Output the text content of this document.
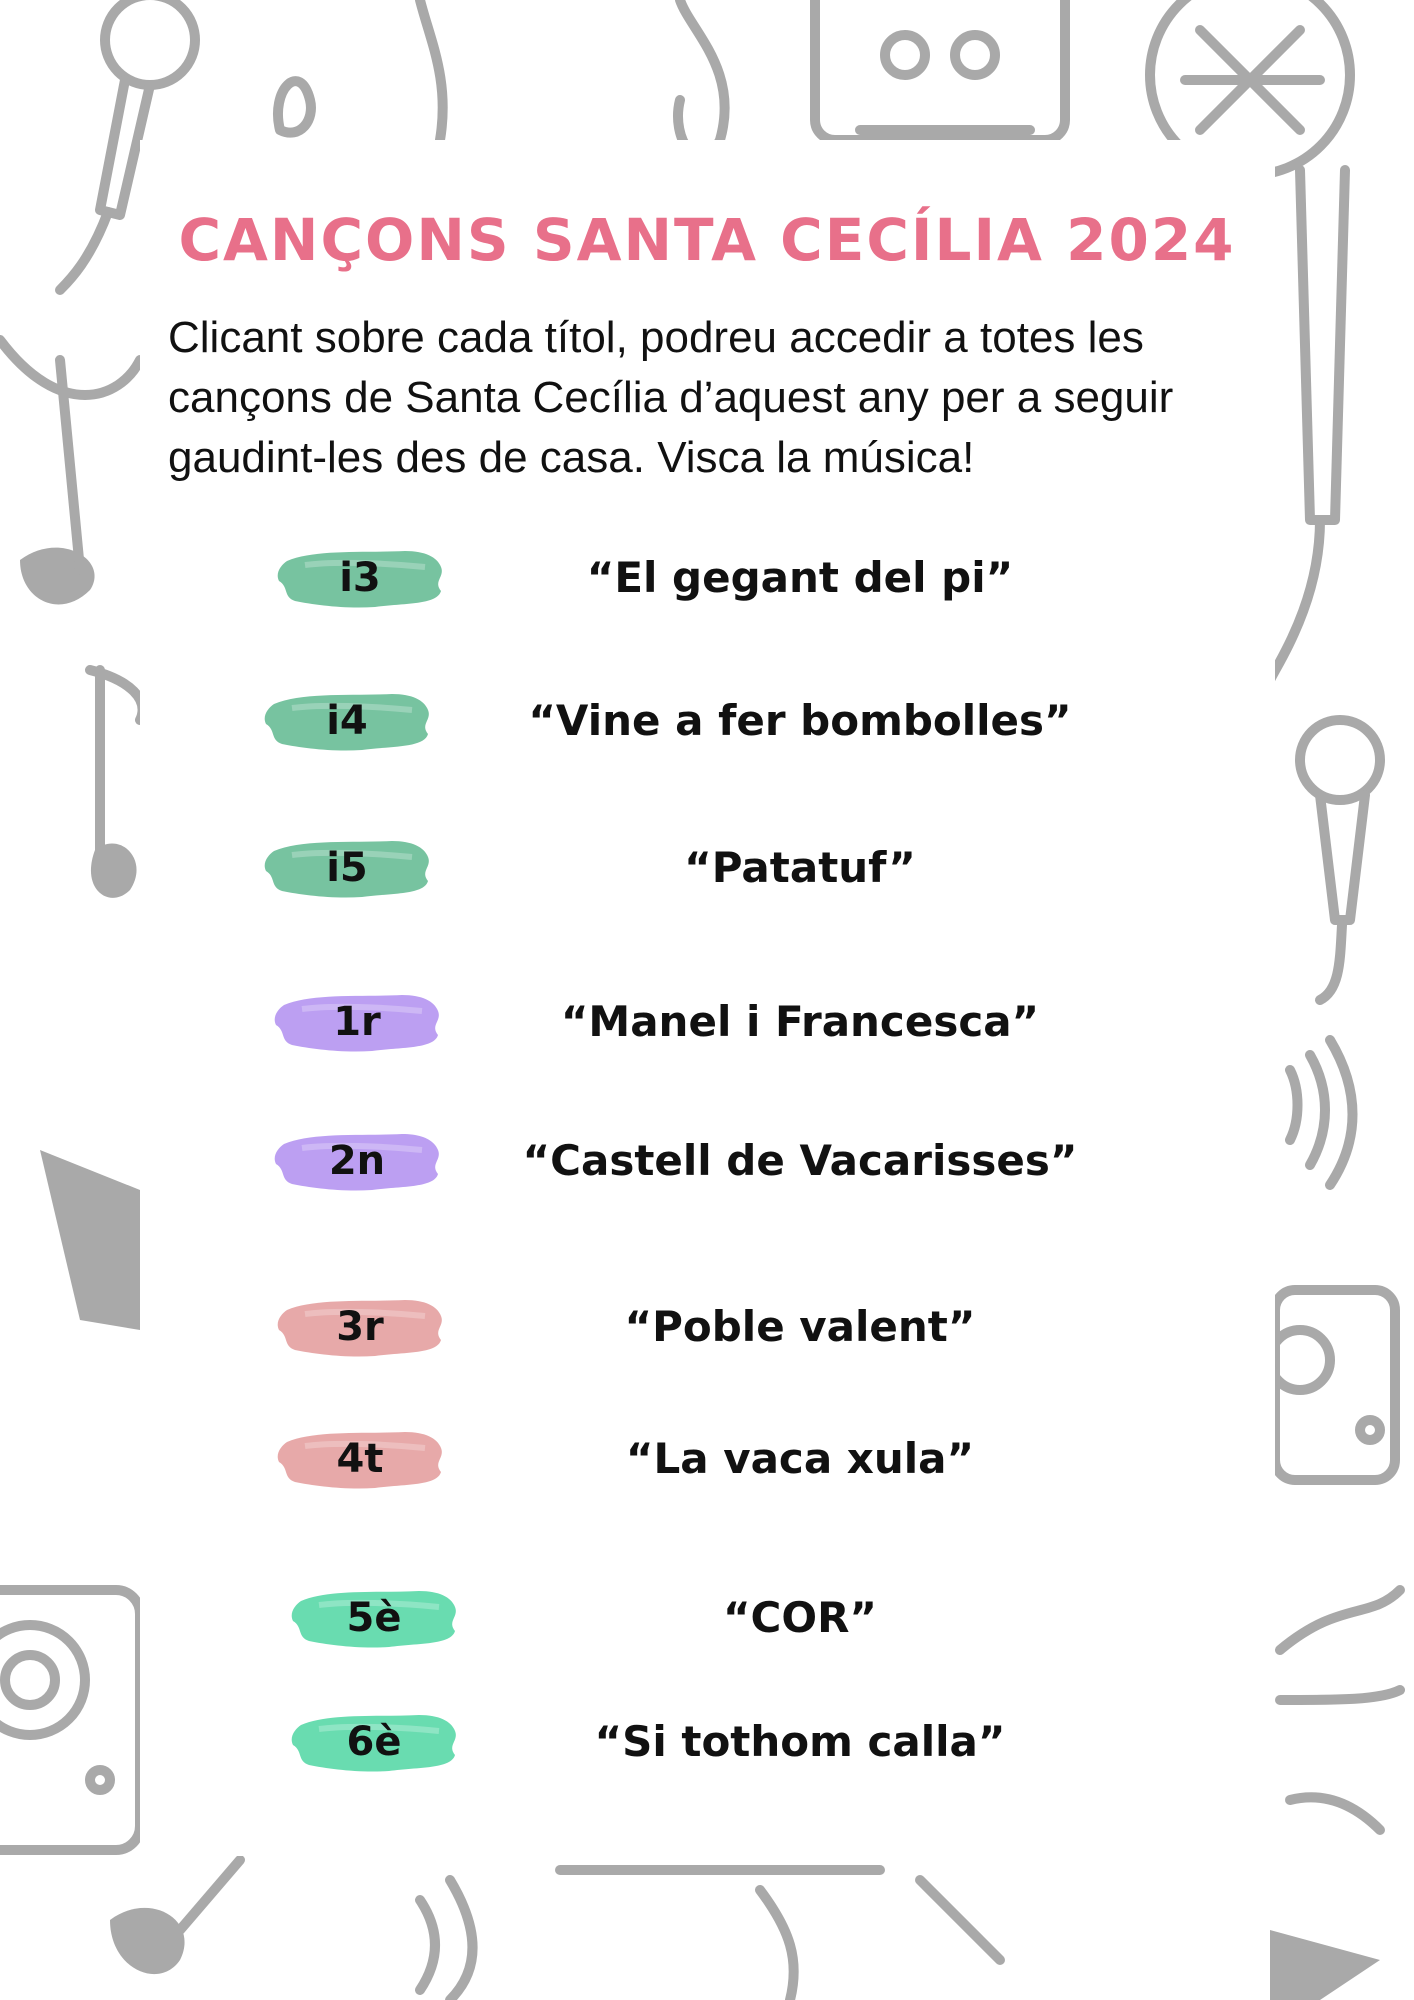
CANÇONS SANTA CECÍLIA 2024

Clicant sobre cada títol, podreu accedir a totes les cançons de Santa Cecília d’aquest any per a seguir gaudint-les des de casa. Visca la música!

i3	“El gegant del pi”
i4	“Vine a fer bombolles”
i5	“Patatuf”
1r	“Manel i Francesca”
2n	“Castell de Vacarisses”
3r	“Poble valent”
4t	“La vaca xula”
5è	“COR”
6è	“Si tothom calla”
